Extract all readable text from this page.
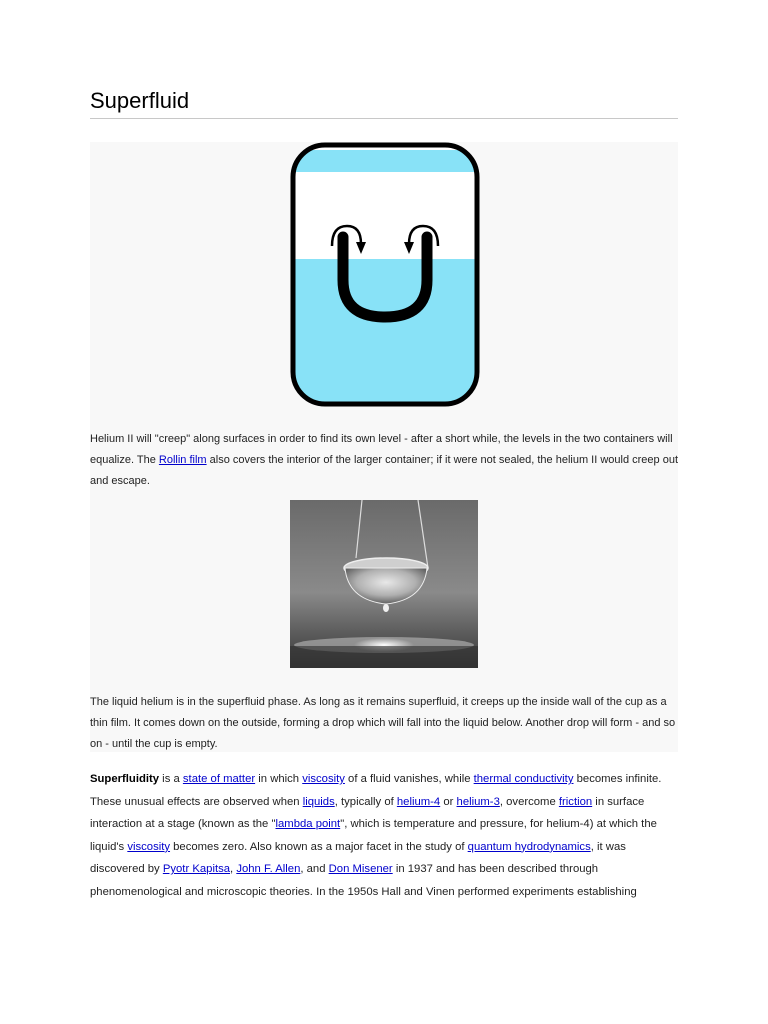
Superfluid

Helium II will "creep" along surfaces in order to find its own level - after a short while, the levels in the two containers will equalize. The Rollin film also covers the interior of the larger container; if it were not sealed, the helium II would creep out and escape.

The liquid helium is in the superfluid phase. As long as it remains superfluid, it creeps up the inside wall of the cup as a thin film. It comes down on the outside, forming a drop which will fall into the liquid below. Another drop will form - and so on - until the cup is empty.

Superfluidity is a state of matter in which viscosity of a fluid vanishes, while thermal conductivity becomes infinite. These unusual effects are observed when liquids, typically of helium-4 or helium-3, overcome friction in surface interaction at a stage (known as the "lambda point", which is temperature and pressure, for helium-4) at which the liquid's viscosity becomes zero. Also known as a major facet in the study of quantum hydrodynamics, it was discovered by Pyotr Kapitsa, John F. Allen, and Don Misener in 1937 and has been described through phenomenological and microscopic theories. In the 1950s Hall and Vinen performed experiments establishing
